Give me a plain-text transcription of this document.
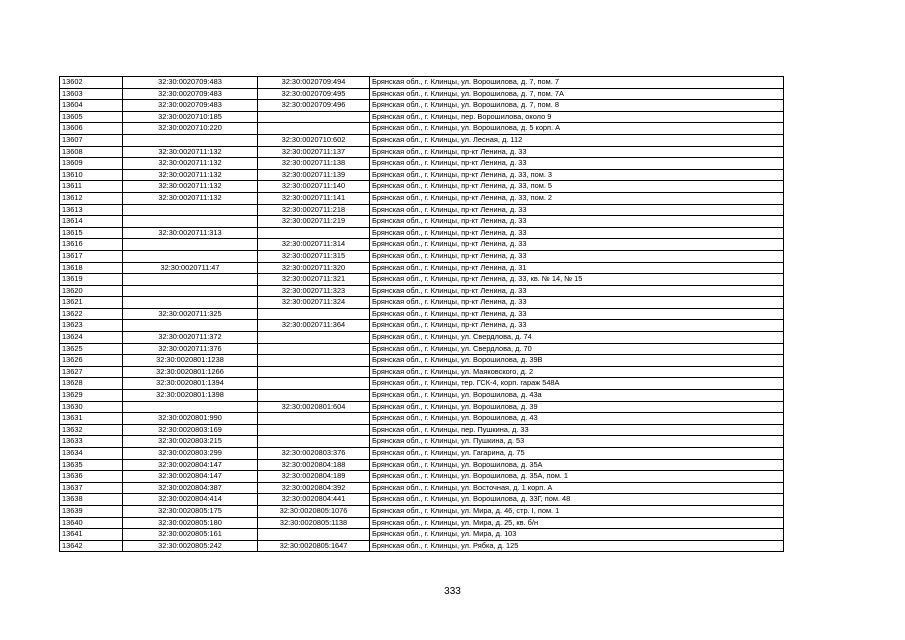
13602	32:30:0020709:483	32:30:0020709:494	Брянская обл., г. Клинцы, ул. Ворошилова, д. 7, пом. 7
13603	32:30:0020709:483	32:30:0020709:495	Брянская обл., г. Клинцы, ул. Ворошилова, д. 7, пом. 7А
13604	32:30:0020709:483	32:30:0020709:496	Брянская обл., г. Клинцы, ул. Ворошилова, д. 7, пом. 8
13605	32:30:0020710:185		Брянская обл., г. Клинцы, пер. Ворошилова, около 9
13606	32:30:0020710:220		Брянская обл., г. Клинцы, ул. Ворошилова, д. 5 корп. А
13607		32:30:0020710:602	Брянская обл., г. Клинцы, ул. Лесная, д. 112
13608	32:30:0020711:132	32:30:0020711:137	Брянская обл., г. Клинцы, пр-кт Ленина, д. 33
13609	32:30:0020711:132	32:30:0020711:138	Брянская обл., г. Клинцы, пр-кт Ленина, д. 33
13610	32:30:0020711:132	32:30:0020711:139	Брянская обл., г. Клинцы, пр-кт Ленина, д. 33, пом. 3
13611	32:30:0020711:132	32:30:0020711:140	Брянская обл., г. Клинцы, пр-кт Ленина, д. 33, пом. 5
13612	32:30:0020711:132	32:30:0020711:141	Брянская обл., г. Клинцы, пр-кт Ленина, д. 33, пом. 2
13613		32:30:0020711:218	Брянская обл., г. Клинцы, пр-кт Ленина, д. 33
13614		32:30:0020711:219	Брянская обл., г. Клинцы, пр-кт Ленина, д. 33
13615	32:30:0020711:313		Брянская обл., г. Клинцы, пр-кт Ленина, д. 33
13616		32:30:0020711:314	Брянская обл., г. Клинцы, пр-кт Ленина, д. 33
13617		32:30:0020711:315	Брянская обл., г. Клинцы, пр-кт Ленина, д. 33
13618	32:30:0020711:47	32:30:0020711:320	Брянская обл., г. Клинцы, пр-кт Ленина, д. 31
13619		32:30:0020711:321	Брянская обл., г. Клинцы, пр-кт Ленина, д. 33, кв. № 14, № 15
13620		32:30:0020711:323	Брянская обл., г. Клинцы, пр-кт Ленина, д. 33
13621		32:30:0020711:324	Брянская обл., г. Клинцы, пр-кт Ленина, д. 33
13622	32:30:0020711:325		Брянская обл., г. Клинцы, пр-кт Ленина, д. 33
13623		32:30:0020711:364	Брянская обл., г. Клинцы, пр-кт Ленина, д. 33
13624	32:30:0020711:372		Брянская обл., г. Клинцы, ул. Свердлова, д. 74
13625	32:30:0020711:376		Брянская обл., г. Клинцы, ул. Свердлова, д. 70
13626	32:30:0020801:1238		Брянская обл., г. Клинцы, ул. Ворошилова, д. 39В
13627	32:30:0020801:1266		Брянская обл., г. Клинцы, ул. Маяковского, д. 2
13628	32:30:0020801:1394		Брянская обл., г. Клинцы, тер. ГСК-4, корп. гараж 548А
13629	32:30:0020801:1398		Брянская обл., г. Клинцы, ул. Ворошилова, д. 43а
13630		32:30:0020801:604	Брянская обл., г. Клинцы, ул. Ворошилова, д. 39
13631	32:30:0020801:990		Брянская обл., г. Клинцы, ул. Ворошилова, д. 43
13632	32:30:0020803:169		Брянская обл., г. Клинцы, пер. Пушкина, д. 33
13633	32:30:0020803:215		Брянская обл., г. Клинцы, ул. Пушкина, д. 53
13634	32:30:0020803:299	32:30:0020803:376	Брянская обл., г. Клинцы, ул. Гагарина, д. 75
13635	32:30:0020804:147	32:30:0020804:188	Брянская обл., г. Клинцы, ул. Ворошилова, д. 35А
13636	32:30:0020804:147	32:30:0020804:189	Брянская обл., г. Клинцы, ул. Ворошилова, д. 35А, пом. 1
13637	32:30:0020804:387	32:30:0020804:392	Брянская обл., г. Клинцы, ул. Восточная, д. 1 корп. А
13638	32:30:0020804:414	32:30:0020804:441	Брянская обл., г. Клинцы, ул. Ворошилова, д. 33Г, пом. 48
13639	32:30:0020805:175	32:30:0020805:1076	Брянская обл., г. Клинцы, ул. Мира, д. 46, стр. I, пом. 1
13640	32:30:0020805:180	32:30:0020805:1138	Брянская обл., г. Клинцы, ул. Мира, д. 25, кв. б/н
13641	32:30:0020805:161		Брянская обл., г. Клинцы, ул. Мира, д. 103
13642	32:30:0020805:242	32:30:0020805:1647	Брянская обл., г. Клинцы, ул. Рябка, д. 125
333
